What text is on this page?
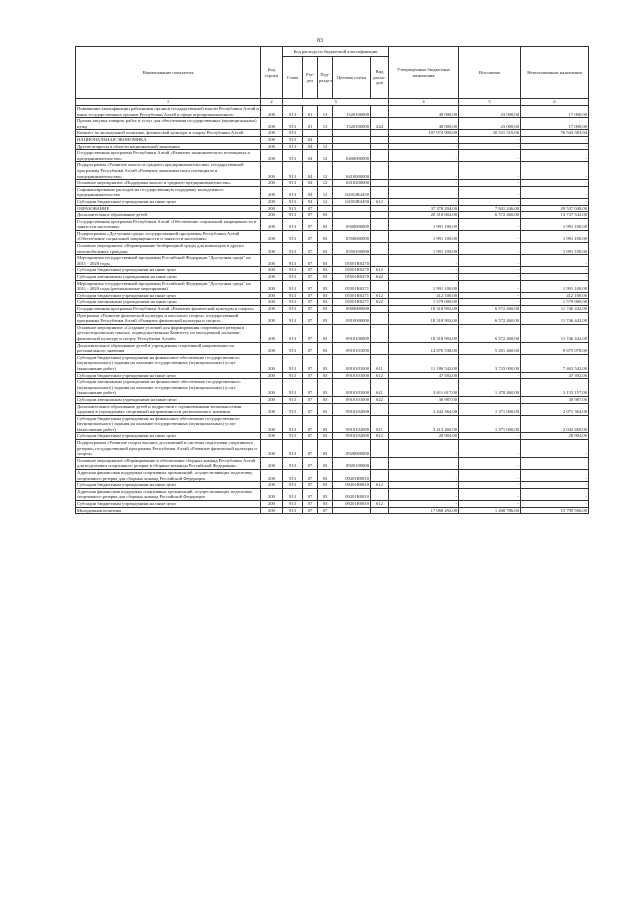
83
Наименование показателя	Код строки	Код расхода по бюджетной классификации					Утвержденные бюджетные назначения	Исполнено	Неисполненные назначения
		Глава	Раз-дел	Под-раздел	Целевая статья	Вид расхо-дов			
1	2	3					4	5	6
Повышение квалификации работников органов государственной власти Республики Алтай и иных государственных органов Республики Алтай в сфере агропромышленного	200	913	01	13	1520100000		40 000,00	23 000,00	17 000,00
Прочая закупка товаров, работ и услуг для обеспечения государственных (муниципальных) нужд	200	913	01	13	1520100000	244	40 000,00	23 000,00	17 000,00
Комитет по молодежной политике, физической культуре и спорту Республики Алтай	200	913					107 074 900,00	30 531 516,06	76 543 383,94
НАЦИОНАЛЬНАЯ ЭКОНОМИКА	200	913	04				-	-	-
Другие вопросы в области национальной экономики	200	913	04	12			-	-	-
Государственная программа Республики Алтай «Развитие экономического потенциала и предпринимательства»	200	913	04	12	0400000000		-	-	-
Подпрограмма «Развитие малого и среднего предпринимательства» государственной программы Республики Алтай «Развитие экономического потенциала и предпринимательства»	200	913	04	12	0410000000		-	-	-
Основное мероприятие «Поддержка малого и среднего предпринимательства»	200	913	04	12	0410200000		-	-	-
Софинансирование расходов на государственную поддержку молодежного предпринимательства	200	913	04	12	04102R4450		-	-	-
Субсидии бюджетным учреждениям на иные цели	200	913	04	12	04102R4450	612	-	-	-
ОБРАЗОВАНИЕ	200	913	07				37 378 294,00	7 841 246,00	29 537 048,00
Дополнительное образование детей	200	913	07	03			20 310 002,00	6 572 460,00	13 737 542,00
Государственная программа Республики Алтай «Обеспечение социальной защищенности и занятости населения»	200	913	07	03	0500000000		1 991 100,00	-	1 991 100,00
Подпрограмма «Доступная среда» государственной программы Республики Алтай «Обеспечение социальной защищенности и занятости населения»	200	913	07	03	0550000000		1 991 100,00	-	1 991 100,00
Основное мероприятие «Формирование безбарьерной среды для инвалидов и других маломобильных граждан»	200	913	07	03	0550100000		1 991 100,00	-	1 991 100,00
Мероприятия государственной программы Российской Федерации "Доступная среда" на 2011 - 2020 годы	200	913	07	03	05501R0270		-	-	-
Субсидии бюджетным учреждениям на иные цели	200	913	07	03	05501R0270	612	-	-	-
Субсидии автономным учреждениям на иные цели	200	913	07	03	05501R0270	622	-	-	-
Мероприятия государственной программы Российской Федерации "Доступная среда" на 2011 - 2020 годы (региональные мероприятия)	200	913	07	03	05501R0271		1 991 100,00	-	1 991 100,00
Субсидии бюджетным учреждениям на иные цели	200	913	07	03	05501R0271	612	412 100,00	-	412 100,00
Субсидии автономным учреждениям на иные цели	200	913	07	03	05501R0271	622	1 579 000,00	-	1 579 000,00
Государственная программа Республики Алтай «Развитие физической культуры и спорта»	200	913	07	03	0900000000		18 318 902,00	6 572 460,00	11 746 442,00
Программа «Развитие физической культуры и массового спорта» государственной программы Республики Алтай «Развитие физической культуры и спорта»	200	913	07	03	0910000000		18 318 902,00	6 572 460,00	11 746 442,00
Основное мероприятие «Создание условий для формирования спортивного резерва в детско-юношеских школах, подведомственных Комитету по молодежной политике, физической культуре и спорту Республики Алтай»	200	913	07	03	0910100000		18 318 902,00	6 572 460,00	11 746 442,00
Дополнительное образование детей в учреждениях спортивной направленности регионального значения	200	913	07	03	0910101000		14 876 538,00	5 201 460,00	9 675 078,00
Субсидии бюджетным учреждениям на финансовое обеспечение государственного (муниципального) задания на оказание государственных (муниципальных) услуг (выполнение работ)	200	913	07	03	0910101000	611	11 186 542,00	3 723 000,00	7 463 542,00
Субсидии бюджетным учреждениям на иные цели	200	913	07	03	0910101000	612	47 392,00	-	47 392,00
Субсидии автономным учреждениям на финансовое обеспечение государственного (муниципального) задания на оказание государственных (муниципальных) услуг (выполнение работ)	200	913	07	03	0910101000	621	3 611 617,00	1 478 460,00	2 133 157,00
Субсидии автономным учреждениям на иные цели	200	913	07	03	0910101000	622	30 987,00	-	30 987,00
Дополнительное образование детей и подростков с ограниченными возможностями здоровья в учреждениях спортивной направленности регионального значения	200	913	07	03	0910102000		3 442 364,00	1 371 000,00	2 071 364,00
Субсидии бюджетным учреждениям на финансовое обеспечение государственного (муниципального) задания на оказание государственных (муниципальных) услуг (выполнение работ)	200	913	07	03	0910102000	611	3 413 460,00	1 371 000,00	2 042 460,00
Субсидии бюджетным учреждениям на иные цели	200	913	07	03	0910102000	612	28 904,00	-	28 904,00
Подпрограмма «Развитие спорта высших достижений и системы подготовки спортивного резерва» государственной программы Республики Алтай «Развитие физической культуры и спорта»	200	913	07	03	0920000000		-	-	-
Основное мероприятие «Формирование и обеспечение сборных команд Республики Алтай для подготовки спортивного резерва в сборные команды Российской Федерации»	200	913	07	03	0920100000		-	-	-
Адресная финансовая поддержка спортивных организаций, осуществляющих подготовку спортивного резерва для сборных команд Российской Федерации	200	913	07	03	09201R0810		-	-	-
Субсидии бюджетным учреждениям на иные цели	200	913	07	03	09201R0810	612	-	-	-
Адресная финансовая поддержка спортивных организаций, осуществляющих подготовку спортивного резерва для сборных команд Российской Федерации	200	913	07	03	09201R0810		-	-	-
Субсидии бюджетным учреждениям на иные цели	200	913	07	03	09201R0810	612	-	-	-
Молодежная политика	200	913	07	07			17 068 292,00	1 268 786,00	15 799 506,00
